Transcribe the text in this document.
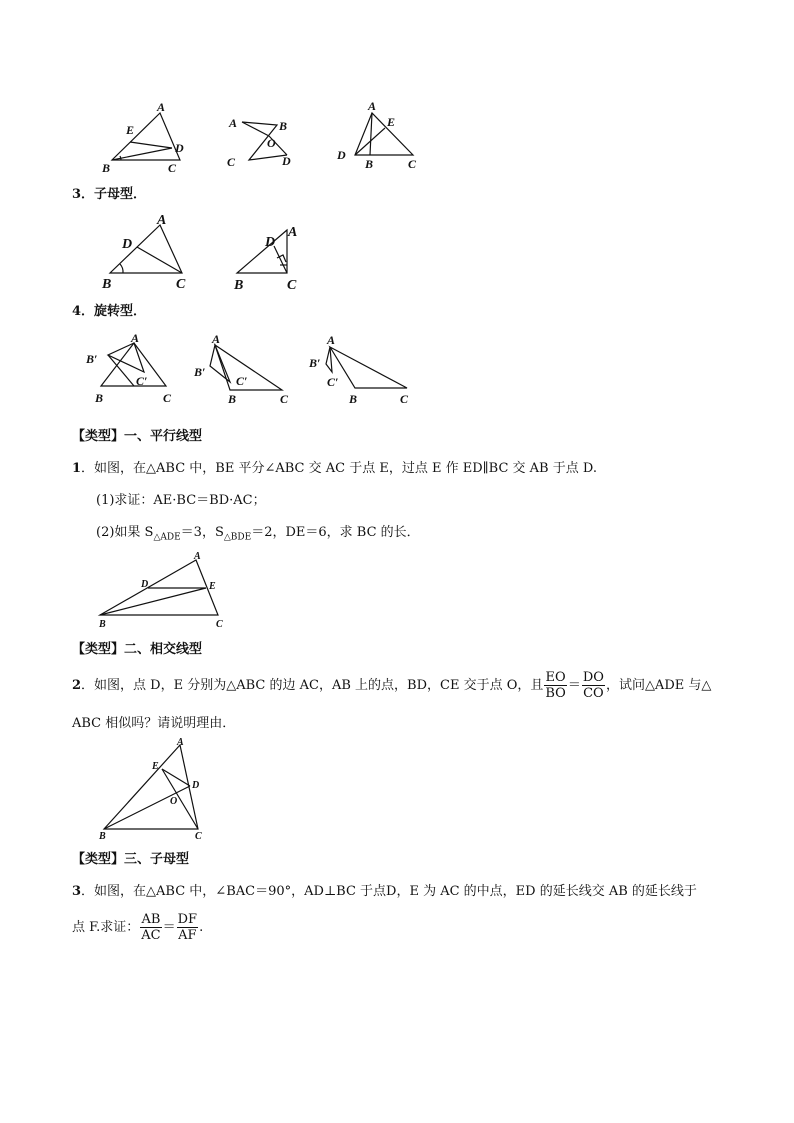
A
E
D
B	C
A	B
O
C	D
A
E
D
B	C
3．子母型．
A
D
B	C
A
D
B	C
4．旋转型．
A
B′
C′
B	C
A
B′
C′
B	C
A
B′
C′
B	C
【类型】一、平行线型
1．如图，在△ABC 中，BE 平分∠ABC 交 AC 于点 E，过点 E 作 ED∥BC 交 AB 于点 D.
(1)求证：AE·BC＝BD·AC；
(2)如果 $S_{\triangle ADE}=3$，$S_{\triangle BDE}=2$，DE＝6，求 BC 的长．
A
D	E
B	C
【类型】二、相交线型
2．如图，点 D，E 分别为△ABC 的边 AC，AB 上的点，BD，CE 交于点 O，且 $\frac{EO}{BO} = \frac{DO}{CO}$ ，试问△ADE 与△
ABC 相似吗？请说明理由．
A
E
D
O
B	C
【类型】三、子母型
3．如图，在△ABC 中，∠BAC＝90°，AD⊥BC 于点D，E 为 AC 的中点，ED 的延长线交 AB 的延长线于
点 F.求证： $\frac{AB}{AC} = \frac{DF}{AF}$ .
